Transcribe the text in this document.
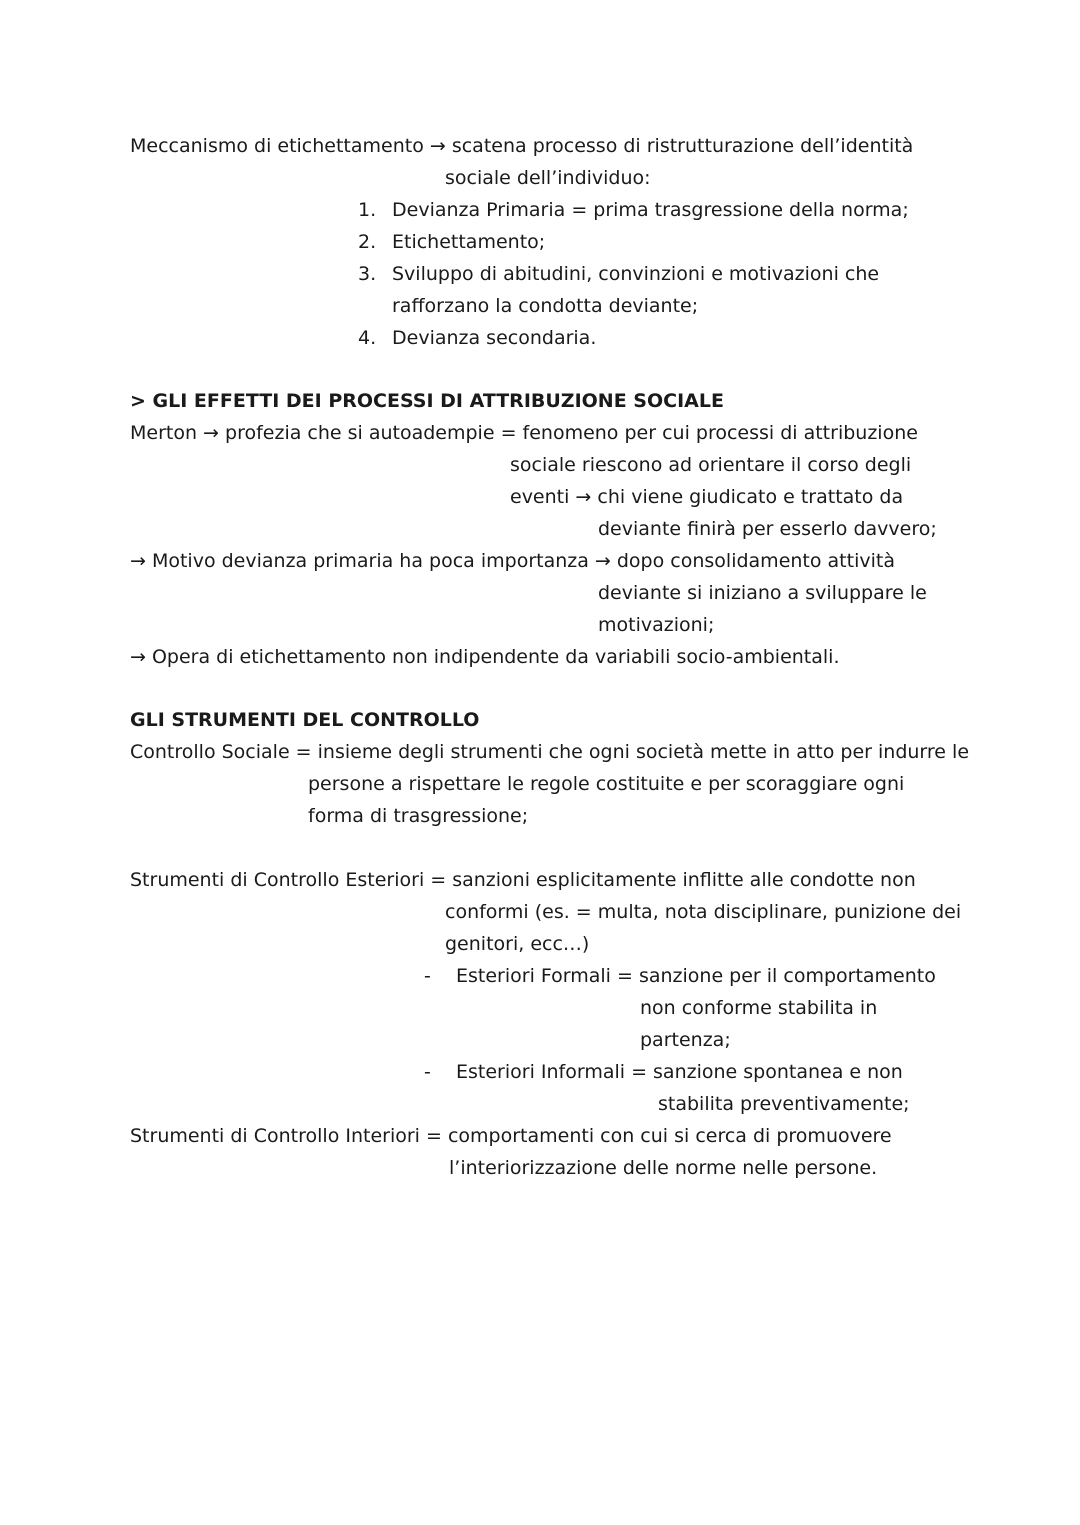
Meccanismo di etichettamento → scatena processo di ristrutturazione dell’identità
sociale dell’individuo:
1. Devianza Primaria = prima trasgressione della norma;
2. Etichettamento;
3. Sviluppo di abitudini, convinzioni e motivazioni che
rafforzano la condotta deviante;
4. Devianza secondaria.
> GLI EFFETTI DEI PROCESSI DI ATTRIBUZIONE SOCIALE
Merton → profezia che si autoadempie = fenomeno per cui processi di attribuzione
sociale riescono ad orientare il corso degli
eventi → chi viene giudicato e trattato da
deviante finirà per esserlo davvero;
→ Motivo devianza primaria ha poca importanza → dopo consolidamento attività
deviante si iniziano a sviluppare le
motivazioni;
→ Opera di etichettamento non indipendente da variabili socio-ambientali.
GLI STRUMENTI DEL CONTROLLO
Controllo Sociale = insieme degli strumenti che ogni società mette in atto per indurre le
persone a rispettare le regole costituite e per scoraggiare ogni
forma di trasgressione;
Strumenti di Controllo Esteriori = sanzioni esplicitamente inflitte alle condotte non
conformi (es. = multa, nota disciplinare, punizione dei
genitori, ecc…)
- Esteriori Formali = sanzione per il comportamento
non conforme stabilita in
partenza;
- Esteriori Informali = sanzione spontanea e non
stabilita preventivamente;
Strumenti di Controllo Interiori = comportamenti con cui si cerca di promuovere
l’interiorizzazione delle norme nelle persone.
